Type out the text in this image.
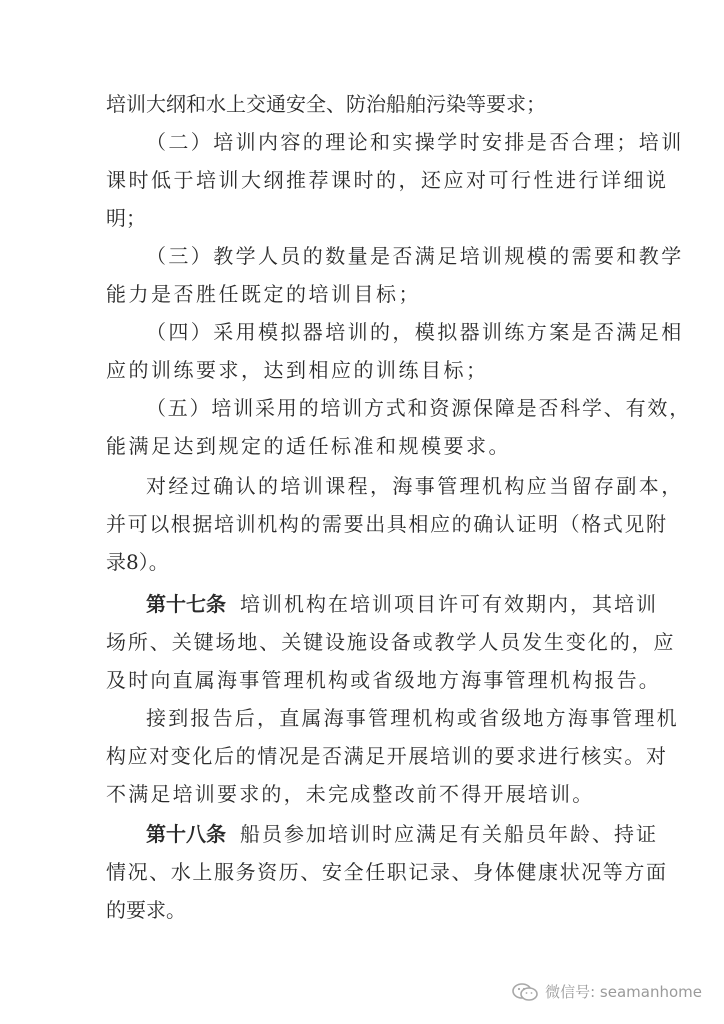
培训大纲和水上交通安全、防治船舶污染等要求；
（二）培训内容的理论和实操学时安排是否合理；培训
课时低于培训大纲推荐课时的，还应对可行性进行详细说
明；
（三）教学人员的数量是否满足培训规模的需要和教学
能力是否胜任既定的培训目标；
（四）采用模拟器培训的，模拟器训练方案是否满足相
应的训练要求，达到相应的训练目标；
（五）培训采用的培训方式和资源保障是否科学、有效，
能满足达到规定的适任标准和规模要求。
对经过确认的培训课程，海事管理机构应当留存副本，
并可以根据培训机构的需要出具相应的确认证明（格式见附
录8）。
第十七条 培训机构在培训项目许可有效期内，其培训
场所、关键场地、关键设施设备或教学人员发生变化的，应
及时向直属海事管理机构或省级地方海事管理机构报告。
接到报告后，直属海事管理机构或省级地方海事管理机
构应对变化后的情况是否满足开展培训的要求进行核实。对
不满足培训要求的，未完成整改前不得开展培训。
第十八条 船员参加培训时应满足有关船员年龄、持证
情况、水上服务资历、安全任职记录、身体健康状况等方面
的要求。
微信号: seamanhome
